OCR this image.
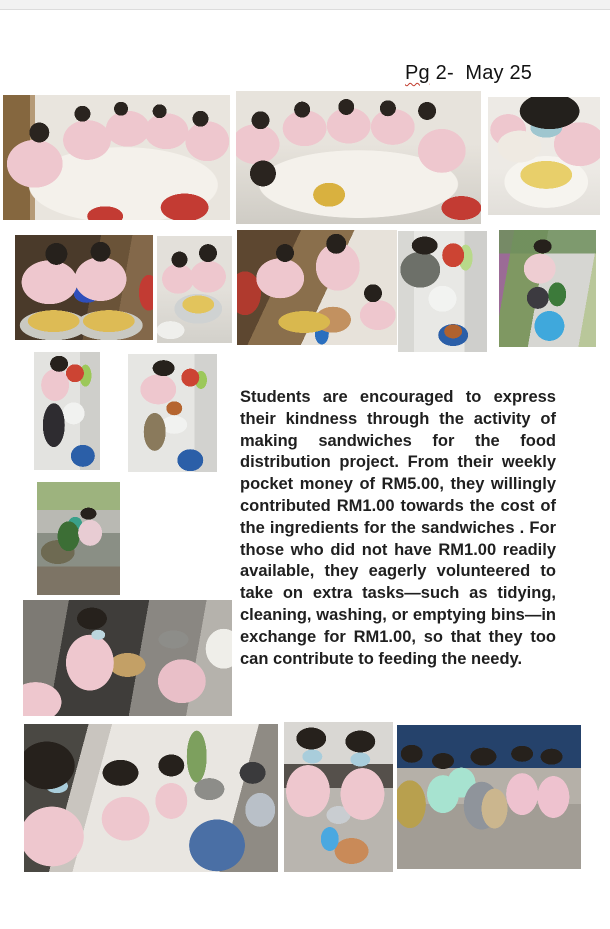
Pg 2-  May 25
Students are encouraged to express their kindness through the activity of making sandwiches for the food distribution project. From their weekly pocket money of RM5.00, they willingly contributed RM1.00 towards the cost of the ingredients for the sandwiches . For those who did not have RM1.00 readily available, they eagerly volunteered to take on extra tasks—such as tidying, cleaning, washing, or emptying bins—in exchange for RM1.00, so that they too can contribute to feeding the needy.
